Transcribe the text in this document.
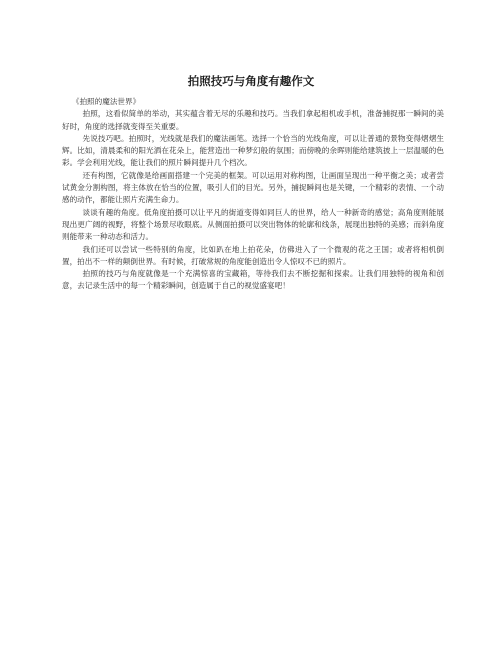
拍照技巧与角度有趣作文

《拍照的魔法世界》

拍照，这看似简单的举动，其实蕴含着无尽的乐趣和技巧。当我们拿起相机或手机，准备捕捉那一瞬间的美好时，角度的选择就变得至关重要。

先说技巧吧。拍照时，光线就是我们的魔法画笔。选择一个恰当的光线角度，可以让普通的景物变得熠熠生辉。比如，清晨柔和的阳光洒在花朵上，能营造出一种梦幻般的氛围；而傍晚的余晖则能给建筑披上一层温暖的色彩。学会利用光线，能让我们的照片瞬间提升几个档次。

还有构图，它就像是给画面搭建一个完美的框架。可以运用对称构图，让画面呈现出一种平衡之美；或者尝试黄金分割构图，将主体放在恰当的位置，吸引人们的目光。另外，捕捉瞬间也是关键，一个精彩的表情、一个动感的动作，都能让照片充满生命力。

谈谈有趣的角度。低角度拍摄可以让平凡的街道变得如同巨人的世界，给人一种新奇的感觉；高角度则能展现出更广阔的视野，将整个场景尽收眼底。从侧面拍摄可以突出物体的轮廓和线条，展现出独特的美感；而斜角度则能带来一种动态和活力。

我们还可以尝试一些特别的角度，比如趴在地上拍花朵，仿佛进入了一个微观的花之王国；或者将相机倒置，拍出不一样的颠倒世界。有时候，打破常规的角度能创造出令人惊叹不已的照片。

拍照的技巧与角度就像是一个充满惊喜的宝藏箱，等待我们去不断挖掘和探索。让我们用独特的视角和创意，去记录生活中的每一个精彩瞬间，创造属于自己的视觉盛宴吧！
